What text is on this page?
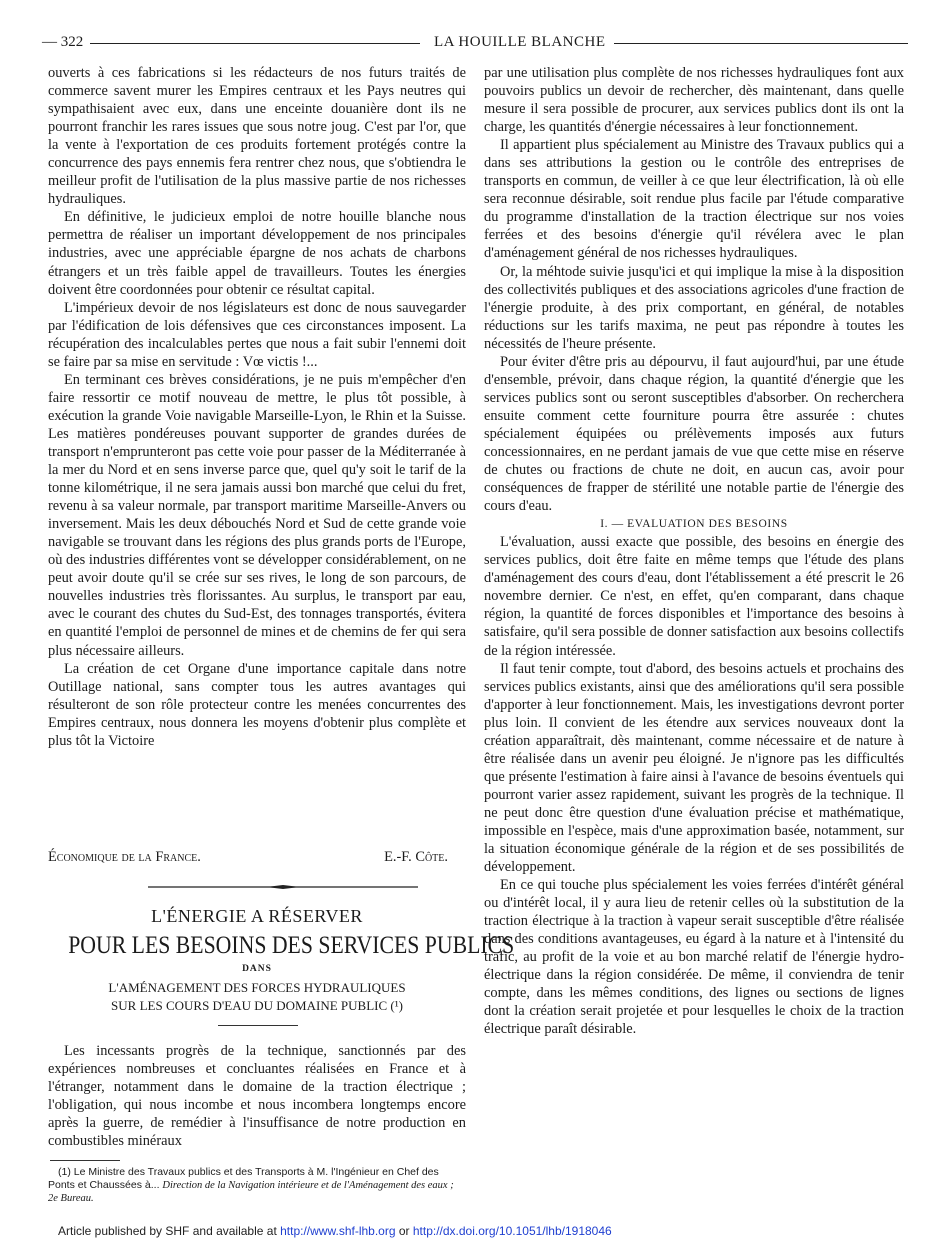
— 322	LA HOUILLE BLANCHE

ouverts à ces fabrications si les rédacteurs de nos futurs traités de commerce savent murer les Empires centraux et les Pays neutres qui sympathisaient avec eux, dans une enceinte douanière dont ils ne pourront franchir les rares issues que sous notre joug. C'est par l'or, que la vente à l'exportation de ces produits fortement protégés contre la concurrence des pays ennemis fera rentrer chez nous, que s'obtiendra le meilleur profit de l'utilisation de la plus massive partie de nos richesses hydrauliques.

En définitive, le judicieux emploi de notre houille blanche nous permettra de réaliser un important développement de nos principales industries, avec une appréciable épargne de nos achats de charbons étrangers et un très faible appel de travailleurs. Toutes les énergies doivent être coordonnées pour obtenir ce résultat capital.

L'impérieux devoir de nos législateurs est donc de nous sauvegarder par l'édification de lois défensives que ces circonstances imposent. La récupération des incalculables pertes que nous a fait subir l'ennemi doit se faire par sa mise en servitude : Vœ victis !...

En terminant ces brèves considérations, je ne puis m'empêcher d'en faire ressortir ce motif nouveau de mettre, le plus tôt possible, à exécution la grande Voie navigable Marseille-Lyon, le Rhin et la Suisse. Les matières pondéreuses pouvant supporter de grandes durées de transport n'emprunteront pas cette voie pour passer de la Méditerranée à la mer du Nord et en sens inverse parce que, quel qu'y soit le tarif de la tonne kilométrique, il ne sera jamais aussi bon marché que celui du fret, revenu à sa valeur normale, par transport maritime Marseille-Anvers ou inversement. Mais les deux débouchés Nord et Sud de cette grande voie navigable se trouvant dans les régions des plus grands ports de l'Europe, où des industries différentes vont se développer considérablement, on ne peut avoir doute qu'il se crée sur ses rives, le long de son parcours, de nouvelles industries très florissantes. Au surplus, le transport par eau, avec le courant des chutes du Sud-Est, des tonnages transportés, évitera en quantité l'emploi de personnel de mines et de chemins de fer qui sera plus nécessaire ailleurs.

La création de cet Organe d'une importance capitale dans notre Outillage national, sans compter tous les autres avantages qui résulteront de son rôle protecteur contre les menées concurrentes des Empires centraux, nous donnera les moyens d'obtenir plus complète et plus tôt la Victoire

Économique de la France.	E.-F. Côte.
L'ÉNERGIE A RÉSERVER
POUR LES BESOINS DES SERVICES PUBLICS
DANS
L'AMÉNAGEMENT DES FORCES HYDRAULIQUES
SUR LES COURS D'EAU DU DOMAINE PUBLIC (¹)

Les incessants progrès de la technique, sanctionnés par des expériences nombreuses et concluantes réalisées en France et à l'étranger, notamment dans le domaine de la traction électrique ; l'obligation, qui nous incombe et nous incombera longtemps encore après la guerre, de remédier à l'insuffisance de notre production en combustibles minéraux

(1) Le Ministre des Travaux publics et des Transports à M. l'Ingénieur en Chef des Ponts et Chaussées à... Direction de la Navigation intérieure et de l'Aménagement des eaux ; 2e Bureau.

par une utilisation plus complète de nos richesses hydrauliques font aux pouvoirs publics un devoir de rechercher, dès maintenant, dans quelle mesure il sera possible de procurer, aux services publics dont ils ont la charge, les quantités d'énergie nécessaires à leur fonctionnement.

Il appartient plus spécialement au Ministre des Travaux publics qui a dans ses attributions la gestion ou le contrôle des entreprises de transports en commun, de veiller à ce que leur électrification, là où elle sera reconnue désirable, soit rendue plus facile par l'étude comparative du programme d'installation de la traction électrique sur nos voies ferrées et des besoins d'énergie qu'il révélera avec le plan d'aménagement général de nos richesses hydrauliques.

Or, la méhtode suivie jusqu'ici et qui implique la mise à la disposition des collectivités publiques et des associations agricoles d'une fraction de l'énergie produite, à des prix comportant, en général, de notables réductions sur les tarifs maxima, ne peut pas répondre à toutes les nécessités de l'heure présente.

Pour éviter d'être pris au dépourvu, il faut aujourd'hui, par une étude d'ensemble, prévoir, dans chaque région, la quantité d'énergie que les services publics sont ou seront susceptibles d'absorber. On recherchera ensuite comment cette fourniture pourra être assurée : chutes spécialement équipées ou prélèvements imposés aux futurs concessionnaires, en ne perdant jamais de vue que cette mise en réserve de chutes ou fractions de chute ne doit, en aucun cas, avoir pour conséquences de frapper de stérilité une notable partie de l'énergie des cours d'eau.

I. — EVALUATION DES BESOINS

L'évaluation, aussi exacte que possible, des besoins en énergie des services publics, doit être faite en même temps que l'étude des plans d'aménagement des cours d'eau, dont l'établissement a été prescrit le 26 novembre dernier. Ce n'est, en effet, qu'en comparant, dans chaque région, la quantité de forces disponibles et l'importance des besoins à satisfaire, qu'il sera possible de donner satisfaction aux besoins collectifs de la région intéressée.

Il faut tenir compte, tout d'abord, des besoins actuels et prochains des services publics existants, ainsi que des améliorations qu'il sera possible d'apporter à leur fonctionnement. Mais, les investigations devront porter plus loin. Il convient de les étendre aux services nouveaux dont la création apparaîtrait, dès maintenant, comme nécessaire et de nature à être réalisée dans un avenir peu éloigné. Je n'ignore pas les difficultés que présente l'estimation à faire ainsi à l'avance de besoins éventuels qui pourront varier assez rapidement, suivant les progrès de la technique. Il ne peut donc être question d'une évaluation précise et mathématique, impossible en l'espèce, mais d'une approximation basée, notamment, sur la situation économique générale de la région et de ses possibilités de développement.

En ce qui touche plus spécialement les voies ferrées d'intérêt général ou d'intérêt local, il y aura lieu de retenir celles où la substitution de la traction électrique à la traction à vapeur serait susceptible d'être réalisée dans des conditions avantageuses, eu égard à la nature et à l'intensité du trafic, au profit de la voie et au bon marché relatif de l'énergie hydro-électrique dans la région considérée. De même, il conviendra de tenir compte, dans les mêmes conditions, des lignes ou sections de lignes dont la création serait projetée et pour lesquelles le choix de la traction électrique paraît désirable.

Article published by SHF and available at http://www.shf-lhb.org or http://dx.doi.org/10.1051/lhb/1918046
